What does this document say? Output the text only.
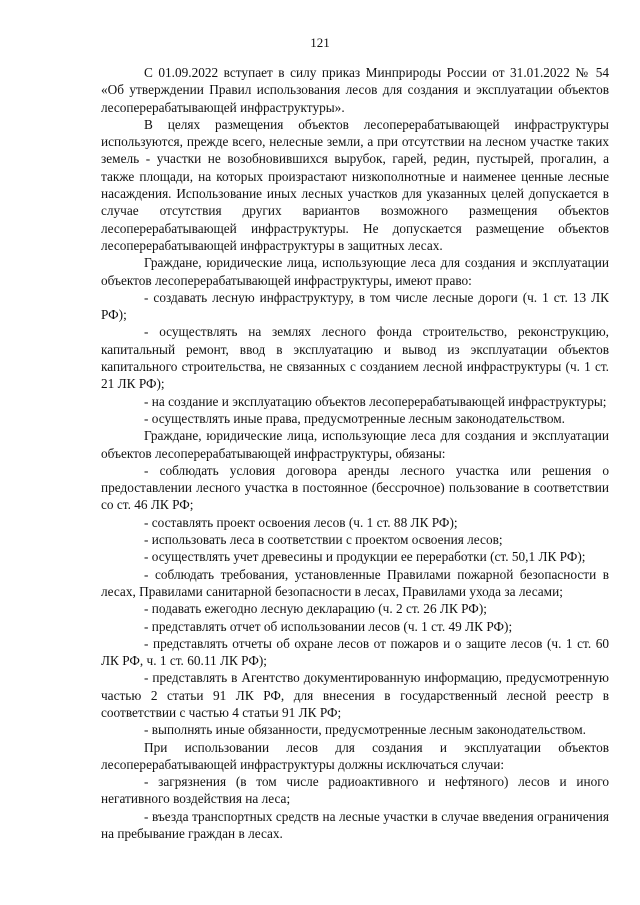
121

С 01.09.2022 вступает в силу приказ Минприроды России от 31.01.2022 № 54 «Об утверждении Правил использования лесов для создания и эксплуатации объектов лесоперерабатывающей инфраструктуры».

В целях размещения объектов лесоперерабатывающей инфраструктуры используются, прежде всего, нелесные земли, а при отсутствии на лесном участке таких земель - участки не возобновившихся вырубок, гарей, редин, пустырей, прогалин, а также площади, на которых произрастают низкополнотные и наименее ценные лесные насаждения. Использование иных лесных участков для указанных целей допускается в случае отсутствия других вариантов возможного размещения объектов лесоперерабатывающей инфраструктуры. Не допускается размещение объектов лесоперерабатывающей инфраструктуры в защитных лесах.

Граждане, юридические лица, использующие леса для создания и эксплуатации объектов лесоперерабатывающей инфраструктуры, имеют право:

- создавать лесную инфраструктуру, в том числе лесные дороги (ч. 1 ст. 13 ЛК РФ);

- осуществлять на землях лесного фонда строительство, реконструкцию, капитальный ремонт, ввод в эксплуатацию и вывод из эксплуатации объектов капитального строительства, не связанных с созданием лесной инфраструктуры (ч. 1 ст. 21 ЛК РФ);

- на создание и эксплуатацию объектов лесоперерабатывающей инфраструктуры;

- осуществлять иные права, предусмотренные лесным законодательством.

Граждане, юридические лица, использующие леса для создания и эксплуатации объектов лесоперерабатывающей инфраструктуры, обязаны:

- соблюдать условия договора аренды лесного участка или решения о предоставлении лесного участка в постоянное (бессрочное) пользование в соответствии со ст. 46 ЛК РФ;

- составлять проект освоения лесов (ч. 1 ст. 88 ЛК РФ);

- использовать леса в соответствии с проектом освоения лесов;

- осуществлять учет древесины и продукции ее переработки (ст. 50,1 ЛК РФ);

- соблюдать требования, установленные Правилами пожарной безопасности в лесах, Правилами санитарной безопасности в лесах, Правилами ухода за лесами;

- подавать ежегодно лесную декларацию (ч. 2 ст. 26 ЛК РФ);

- представлять отчет об использовании лесов (ч. 1 ст. 49 ЛК РФ);

- представлять отчеты об охране лесов от пожаров и о защите лесов (ч. 1 ст. 60 ЛК РФ, ч. 1 ст. 60.11 ЛК РФ);

- представлять в Агентство документированную информацию, предусмотренную частью 2 статьи 91 ЛК РФ, для внесения в государственный лесной реестр в соответствии с частью 4 статьи 91 ЛК РФ;

- выполнять иные обязанности, предусмотренные лесным законодательством.

При использовании лесов для создания и эксплуатации объектов лесоперерабатывающей инфраструктуры должны исключаться случаи:

- загрязнения (в том числе радиоактивного и нефтяного) лесов и иного негативного воздействия на леса;

- въезда транспортных средств на лесные участки в случае введения ограничения на пребывание граждан в лесах.
